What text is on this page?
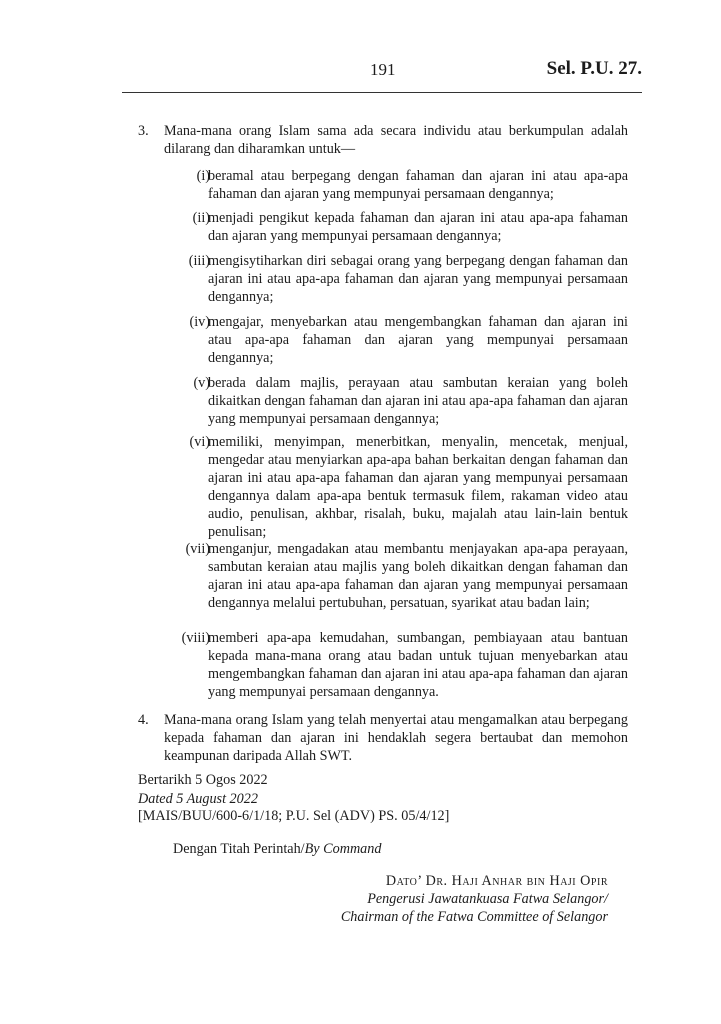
191	Sel. P.U. 27.
3. Mana-mana orang Islam sama ada secara individu atau berkumpulan adalah dilarang dan diharamkan untuk—
(i)
beramal atau berpegang dengan fahaman dan ajaran ini atau apa-apa fahaman dan ajaran yang mempunyai persamaan dengannya;
(ii)
menjadi pengikut kepada fahaman dan ajaran ini atau apa-apa fahaman dan ajaran yang mempunyai persamaan dengannya;
(iii)
mengisytiharkan diri sebagai orang yang berpegang dengan fahaman dan ajaran ini atau apa-apa fahaman dan ajaran yang mempunyai persamaan dengannya;
(iv)
mengajar, menyebarkan atau mengembangkan fahaman dan ajaran ini atau apa-apa fahaman dan ajaran yang mempunyai persamaan dengannya;
(v)
berada dalam majlis, perayaan atau sambutan keraian yang boleh dikaitkan dengan fahaman dan ajaran ini atau apa-apa fahaman dan ajaran yang mempunyai persamaan dengannya;
(vi)
memiliki, menyimpan, menerbitkan, menyalin, mencetak, menjual, mengedar atau menyiarkan apa-apa bahan berkaitan dengan fahaman dan ajaran ini atau apa-apa fahaman dan ajaran yang mempunyai persamaan dengannya dalam apa-apa bentuk termasuk filem, rakaman video atau audio, penulisan, akhbar, risalah, buku, majalah atau lain-lain bentuk penulisan;
(vii)
menganjur, mengadakan atau membantu menjayakan apa-apa perayaan, sambutan keraian atau majlis yang boleh dikaitkan dengan fahaman dan ajaran ini atau apa-apa fahaman dan ajaran yang mempunyai persamaan dengannya melalui pertubuhan, persatuan, syarikat atau badan lain;
(viii)
memberi apa-apa kemudahan, sumbangan, pembiayaan atau bantuan kepada mana-mana orang atau badan untuk tujuan menyebarkan atau mengembangkan fahaman dan ajaran ini atau apa-apa fahaman dan ajaran yang mempunyai persamaan dengannya.
4. Mana-mana orang Islam yang telah menyertai atau mengamalkan atau berpegang kepada fahaman dan ajaran ini hendaklah segera bertaubat dan memohon keampunan daripada Allah SWT.
Bertarikh 5 Ogos 2022
Dated 5 August 2022
[MAIS/BUU/600-6/1/18; P.U. Sel (ADV) PS. 05/4/12]
Dengan Titah Perintah/By Command
Dato’ Dr. Haji Anhar bin Haji Opir
Pengerusi Jawatankuasa Fatwa Selangor/
Chairman of the Fatwa Committee of Selangor
